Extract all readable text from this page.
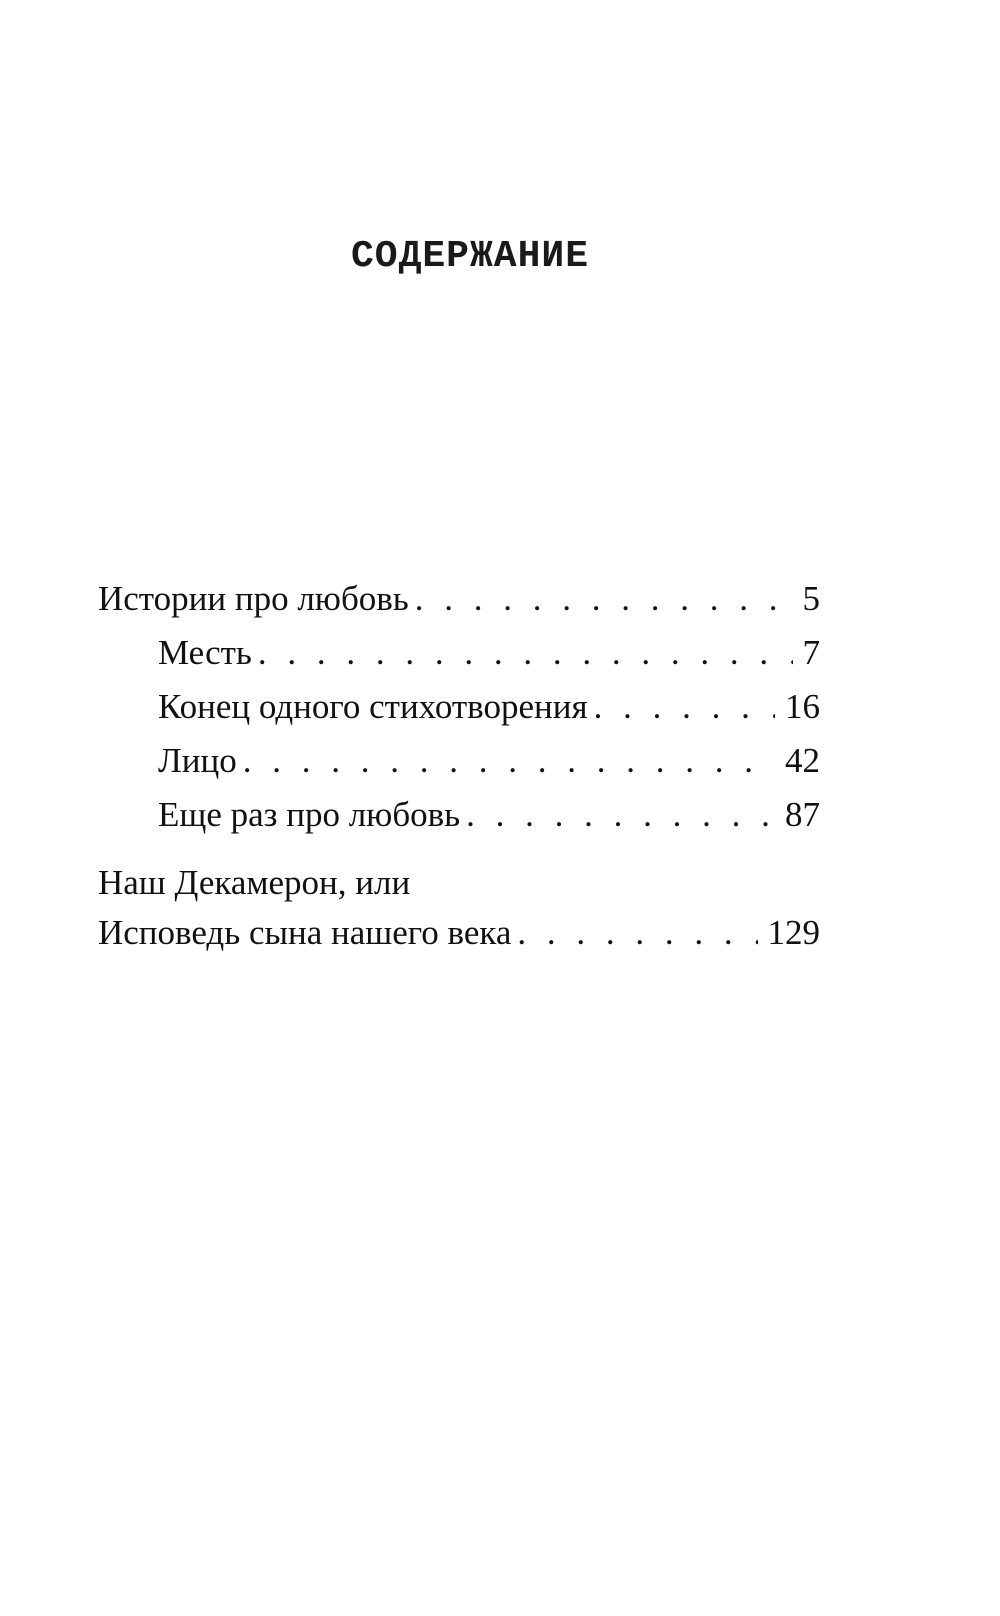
СОДЕРЖАНИЕ
Истории про любовь . . .	5
Месть . . .	7
Конец одного стихотворения . . .	16
Лицо . . .	42
Еще раз про любовь . . .	87
Наш Декамерон, или
Исповедь сына нашего века . . .	129
